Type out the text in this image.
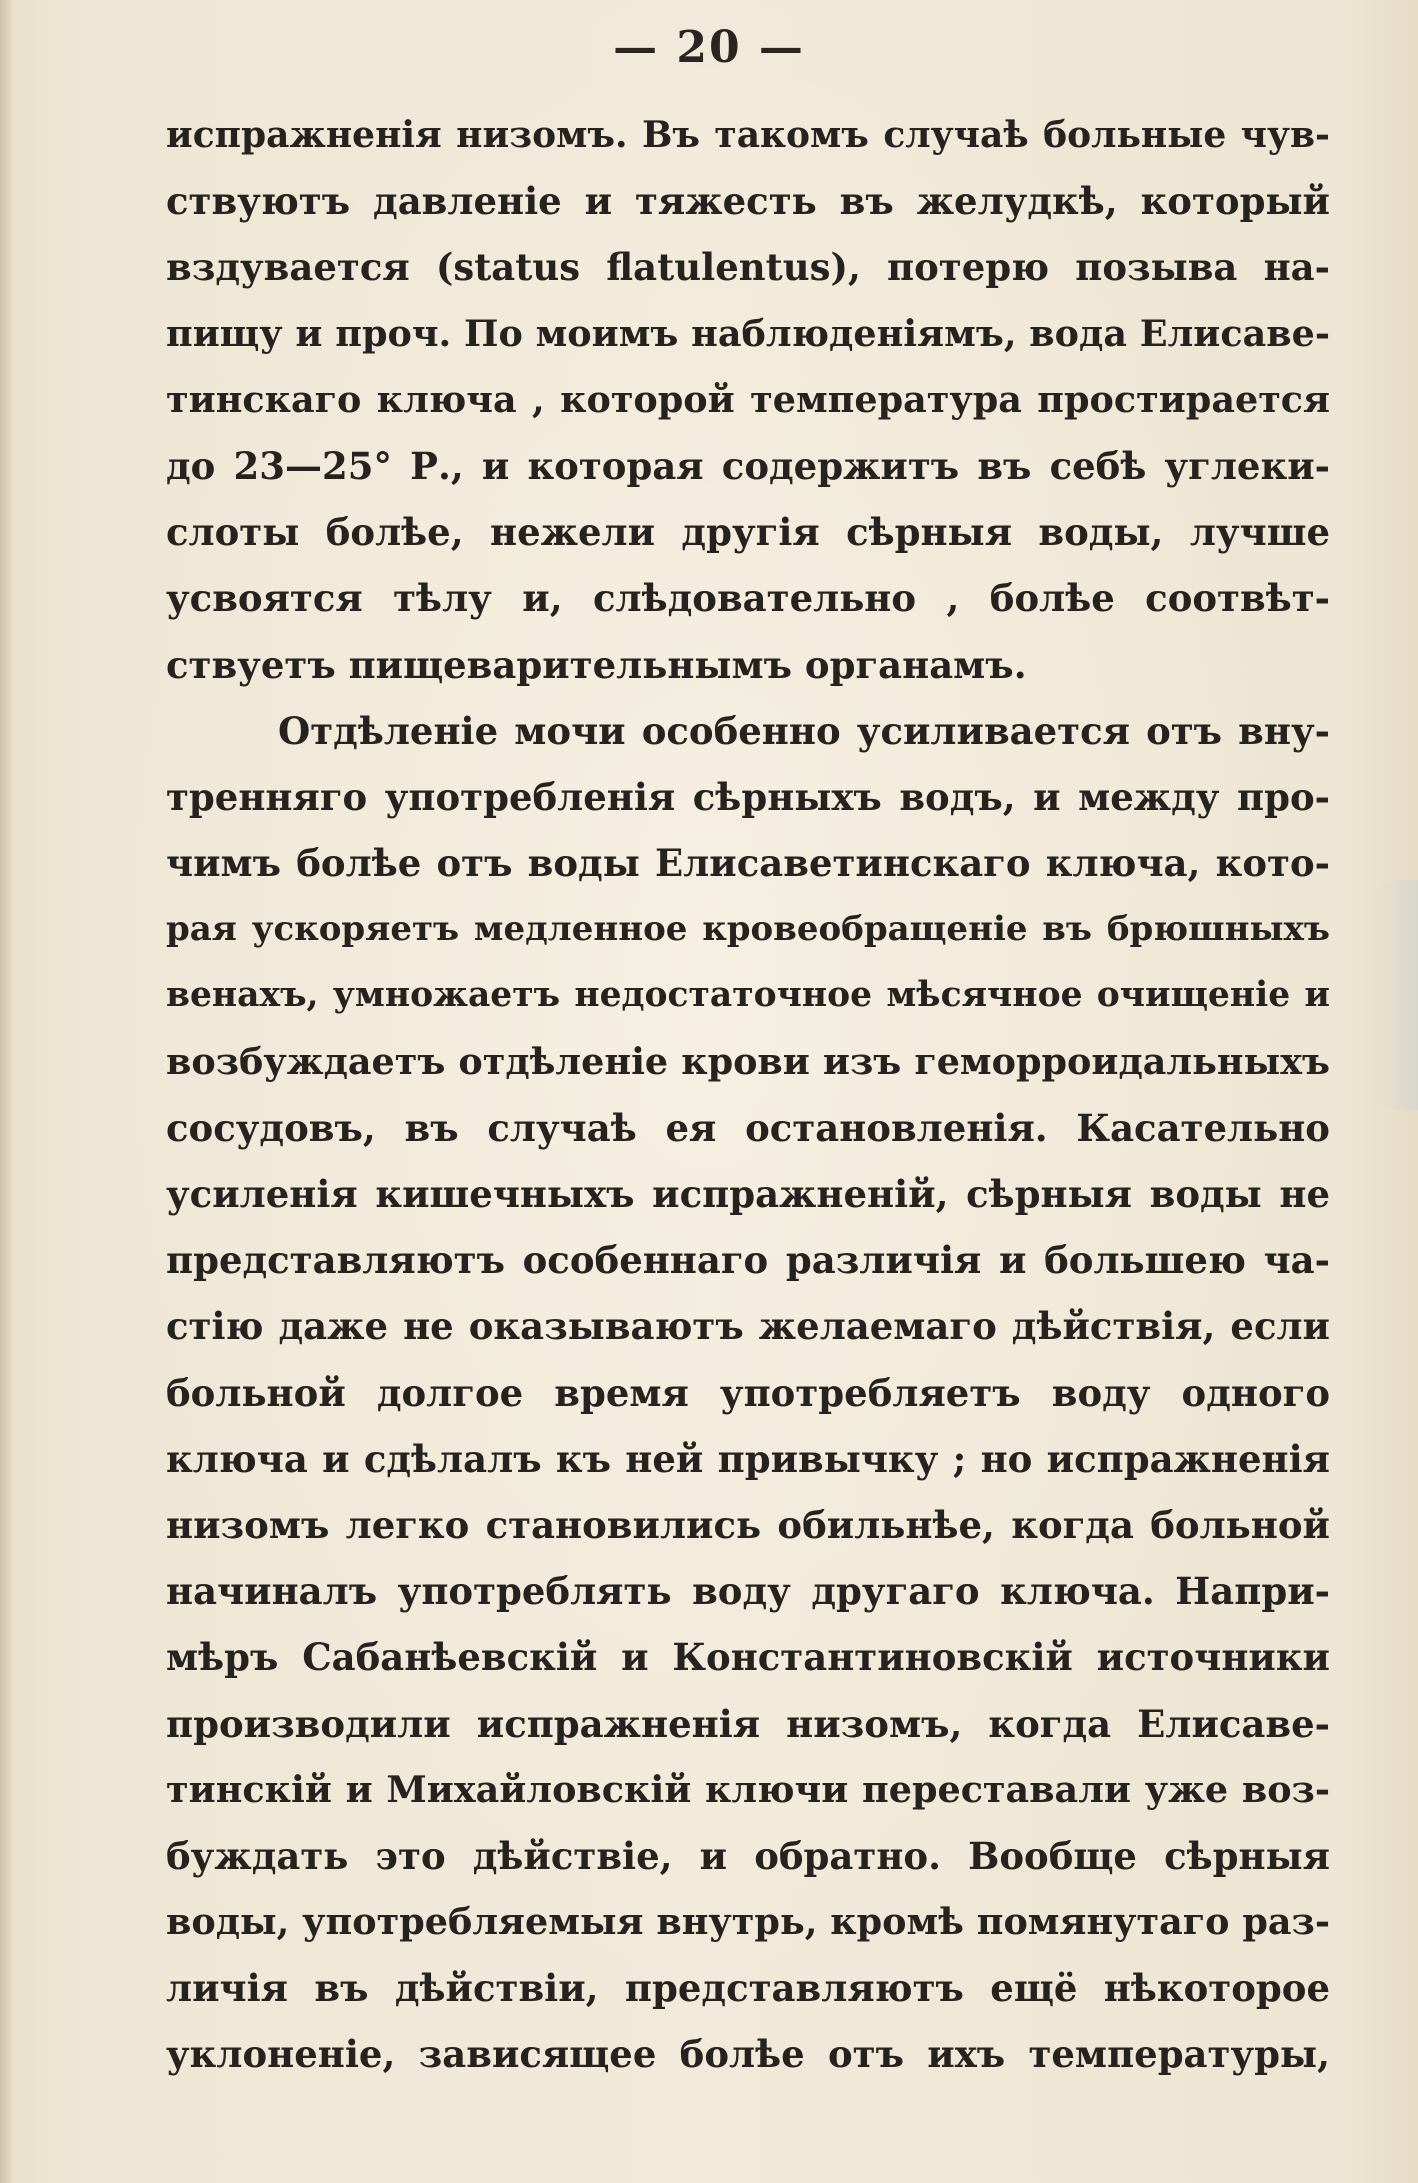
— 20 —
испражненія низомъ. Въ такомъ случаѣ больные чув-
ствуютъ давленіе и тяжесть въ желудкѣ, который
вздувается (status flatulentus), потерю позыва на-
пищу и проч. По моимъ наблюденіямъ, вода Елисаве-
тинскаго ключа , которой температура простирается
до 23—25° Р., и которая содержитъ въ себѣ углеки-
слоты болѣе, нежели другія сѣрныя воды, лучше
усвоятся тѣлу и, слѣдовательно , болѣе соотвѣт-
ствуетъ пищеварительнымъ органамъ.
Отдѣленіе мочи особенно усиливается отъ вну-
тренняго употребленія сѣрныхъ водъ, и между про-
чимъ болѣе отъ воды Елисаветинскаго ключа, кото-
рая ускоряетъ медленное кровеобращеніе въ брюшныхъ
венахъ, умножаетъ недостаточное мѣсячное очищеніе и
возбуждаетъ отдѣленіе крови изъ геморроидальныхъ
сосудовъ, въ случаѣ ея остановленія. Касательно
усиленія кишечныхъ испражненій, сѣрныя воды не
представляютъ особеннаго различія и большею ча-
стію даже не оказываютъ желаемаго дѣйствія, если
больной долгое время употребляетъ воду одного
ключа и сдѣлалъ къ ней привычку ; но испражненія
низомъ легко становились обильнѣе, когда больной
начиналъ употреблять воду другаго ключа. Напри-
мѣръ Сабанѣевскій и Константиновскій источники
производили испражненія низомъ, когда Елисаве-
тинскій и Михайловскій ключи переставали уже воз-
буждать это дѣйствіе, и обратно. Вообще сѣрныя
воды, употребляемыя внутрь, кромѣ помянутаго раз-
личія въ дѣйствіи, представляютъ ещё нѣкоторое
уклоненіе, зависящее болѣе отъ ихъ температуры,
